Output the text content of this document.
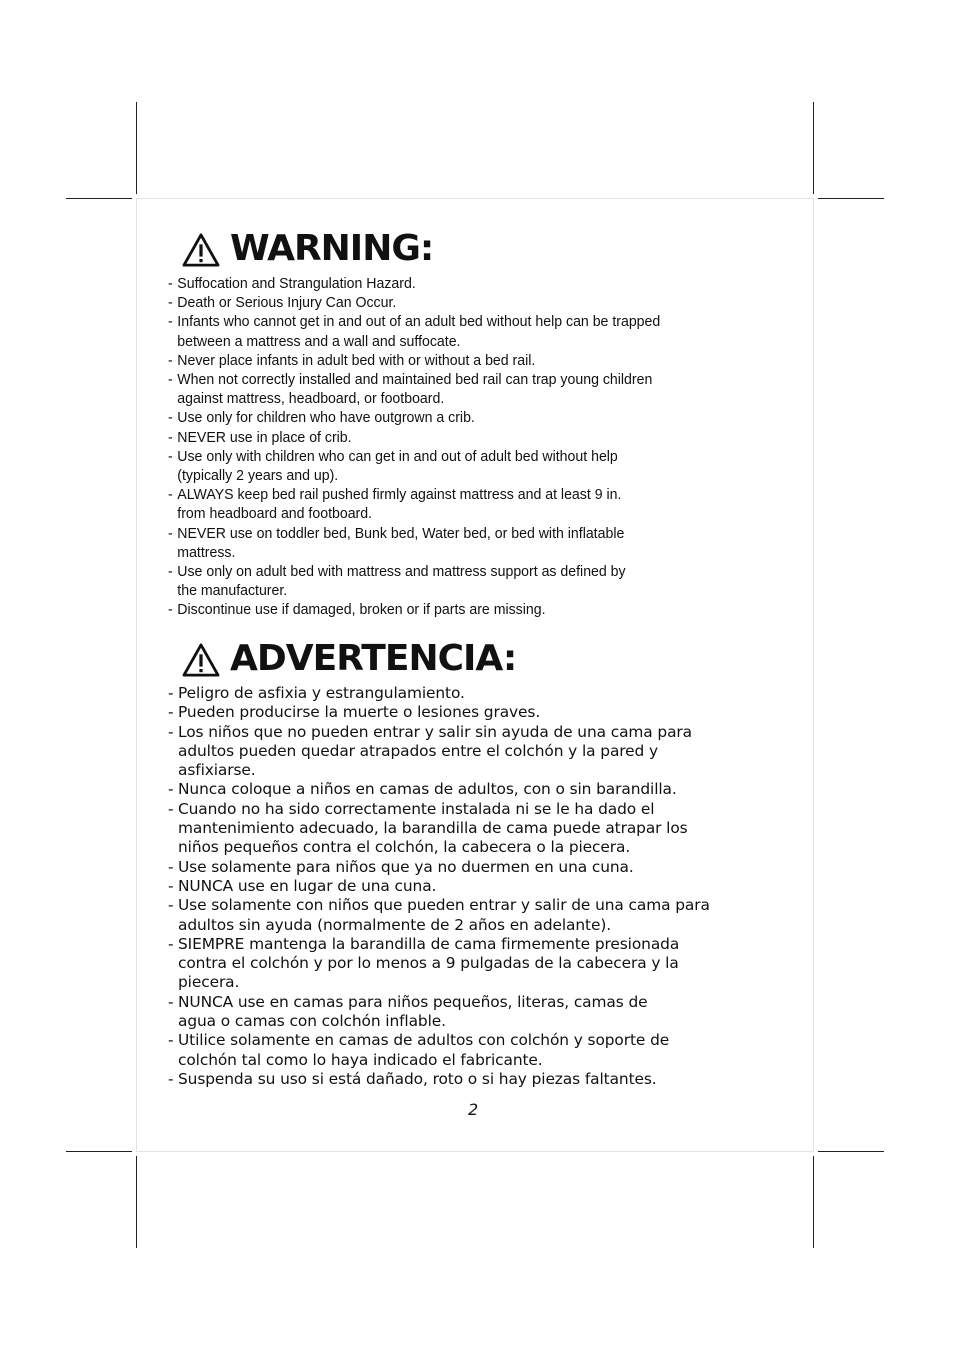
WARNING:
- Suffocation and Strangulation Hazard.
- Death or Serious Injury Can Occur.
- Infants who cannot get in and out of an adult bed without help can be trapped
between a mattress and a wall and suffocate.
- Never place infants in adult bed with or without a bed rail.
- When not correctly installed and maintained bed rail can trap young children
against mattress, headboard, or footboard.
- Use only for children who have outgrown a crib.
- NEVER use in place of crib.
- Use only with children who can get in and out of adult bed without help
(typically 2 years and up).
- ALWAYS keep bed rail pushed firmly against mattress and at least 9 in.
from headboard and footboard.
- NEVER use on toddler bed, Bunk bed, Water bed, or bed with inflatable
mattress.
- Use only on adult bed with mattress and mattress support as defined by
the manufacturer.
- Discontinue use if damaged, broken or if parts are missing.
ADVERTENCIA:
- Peligro de asfixia y estrangulamiento.
- Pueden producirse la muerte o lesiones graves.
- Los niños que no pueden entrar y salir sin ayuda de una cama para
adultos pueden quedar atrapados entre el colchón y la pared y
asfixiarse.
- Nunca coloque a niños en camas de adultos, con o sin barandilla.
- Cuando no ha sido correctamente instalada ni se le ha dado el
mantenimiento adecuado, la barandilla de cama puede atrapar los
niños pequeños contra el colchón, la cabecera o la piecera.
- Use solamente para niños que ya no duermen en una cuna.
- NUNCA use en lugar de una cuna.
- Use solamente con niños que pueden entrar y salir de una cama para
adultos sin ayuda (normalmente de 2 años en adelante).
- SIEMPRE mantenga la barandilla de cama firmemente presionada
contra el colchón y por lo menos a 9 pulgadas de la cabecera y la
piecera.
- NUNCA use en camas para niños pequeños, literas, camas de
agua o camas con colchón inflable.
- Utilice solamente en camas de adultos con colchón y soporte de
colchón tal como lo haya indicado el fabricante.
- Suspenda su uso si está dañado, roto o si hay piezas faltantes.
2
